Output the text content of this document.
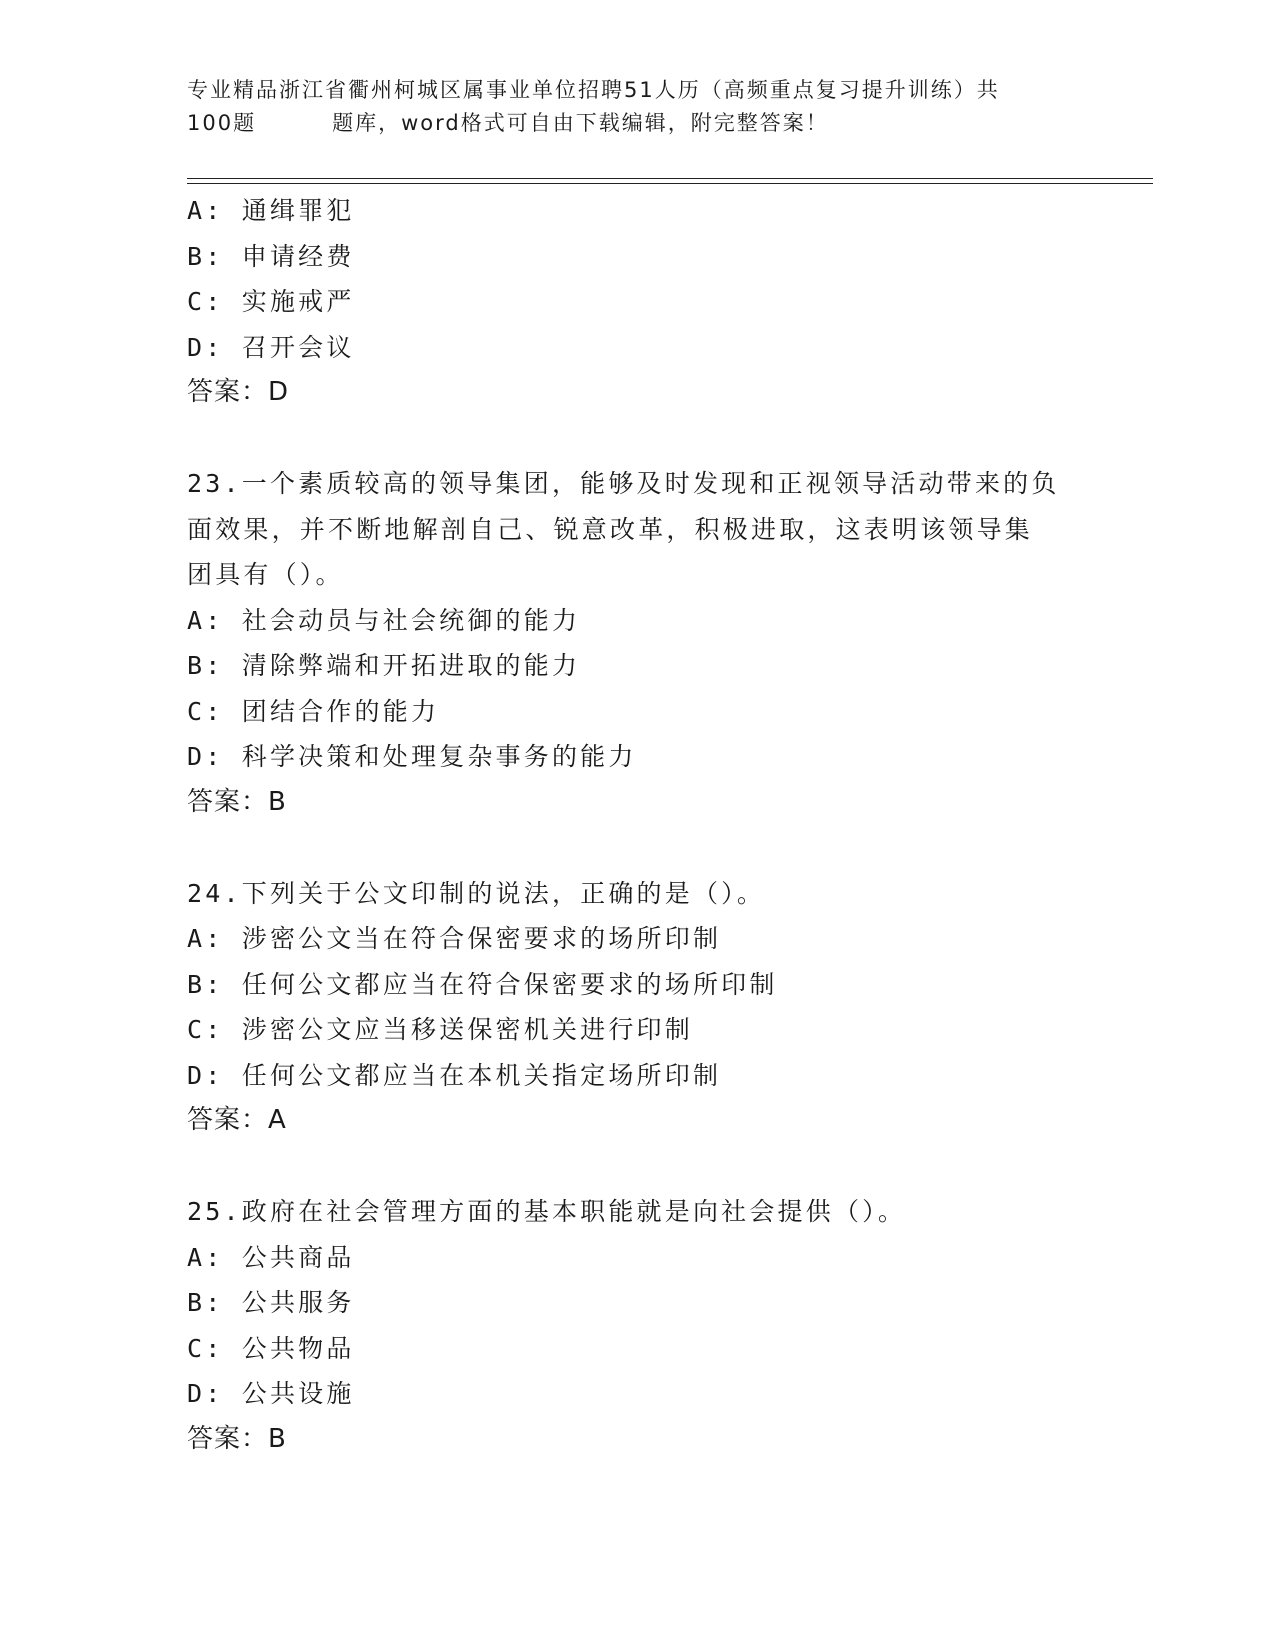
专业精品浙江省衢州柯城区属事业单位招聘51人历（高频重点复习提升训练）共
100题	题库，word格式可自由下载编辑，附完整答案！
A: 通缉罪犯
B: 申请经费
C: 实施戒严
D: 召开会议
答案：D
23.一个素质较高的领导集团，能够及时发现和正视领导活动带来的负
面效果，并不断地解剖自己、锐意改革，积极进取，这表明该领导集
团具有（）。
A: 社会动员与社会统御的能力
B: 清除弊端和开拓进取的能力
C: 团结合作的能力
D: 科学决策和处理复杂事务的能力
答案：B
24.下列关于公文印制的说法，正确的是（）。
A: 涉密公文当在符合保密要求的场所印制
B: 任何公文都应当在符合保密要求的场所印制
C: 涉密公文应当移送保密机关进行印制
D: 任何公文都应当在本机关指定场所印制
答案：A
25.政府在社会管理方面的基本职能就是向社会提供（）。
A: 公共商品
B: 公共服务
C: 公共物品
D: 公共设施
答案：B
